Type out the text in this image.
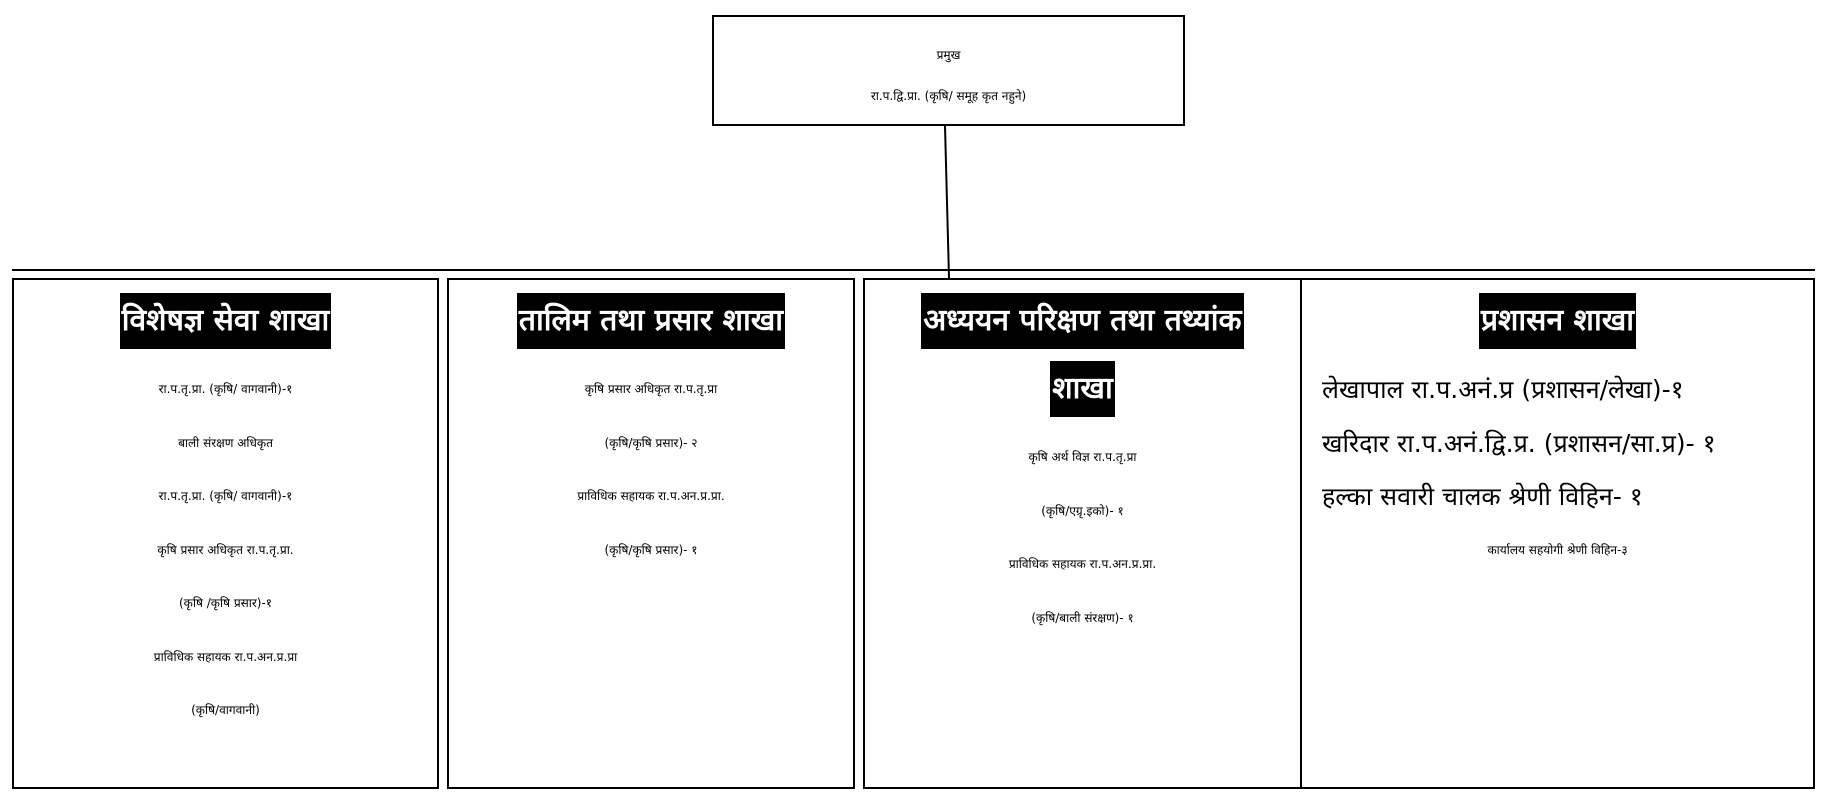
प्रमुख
रा.प.द्वि.प्रा. (कृषि/ समूह कृत नहुने)
विशेषज्ञ सेवा शाखा
रा.प.तृ.प्रा. (कृषि/ वागवानी)-१
बाली संरक्षण अधिकृत
रा.प.तृ.प्रा. (कृषि/ वागवानी)-१
कृषि प्रसार अधिकृत रा.प.तृ.प्रा.
(कृषि /कृषि प्रसार)-१
प्राविधिक सहायक रा.प.अन.प्र.प्रा
(कृषि/वागवानी)
तालिम तथा प्रसार शाखा
कृषि प्रसार अधिकृत रा.प.तृ.प्रा
(कृषि/कृषि प्रसार)- २
प्राविधिक सहायक रा.प.अन.प्र.प्रा.
(कृषि/कृषि प्रसार)- १
अध्ययन परिक्षण तथा तथ्यांक
शाखा
कृषि अर्थ विज्ञ रा.प.तृ.प्रा
(कृषि/एग्रृ.इको)- १
प्राविधिक सहायक रा.प.अन.प्र.प्रा.
(कृषि/बाली संरक्षण)- १
प्रशासन शाखा
लेखापाल रा.प.अनं.प्र (प्रशासन/लेखा)-१
खरिदार रा.प.अनं.द्वि.प्र. (प्रशासन/सा.प्र)- १
हल्का सवारी चालक श्रेणी विहिन- १
कार्यालय सहयोगी श्रेणी विहिन-३
